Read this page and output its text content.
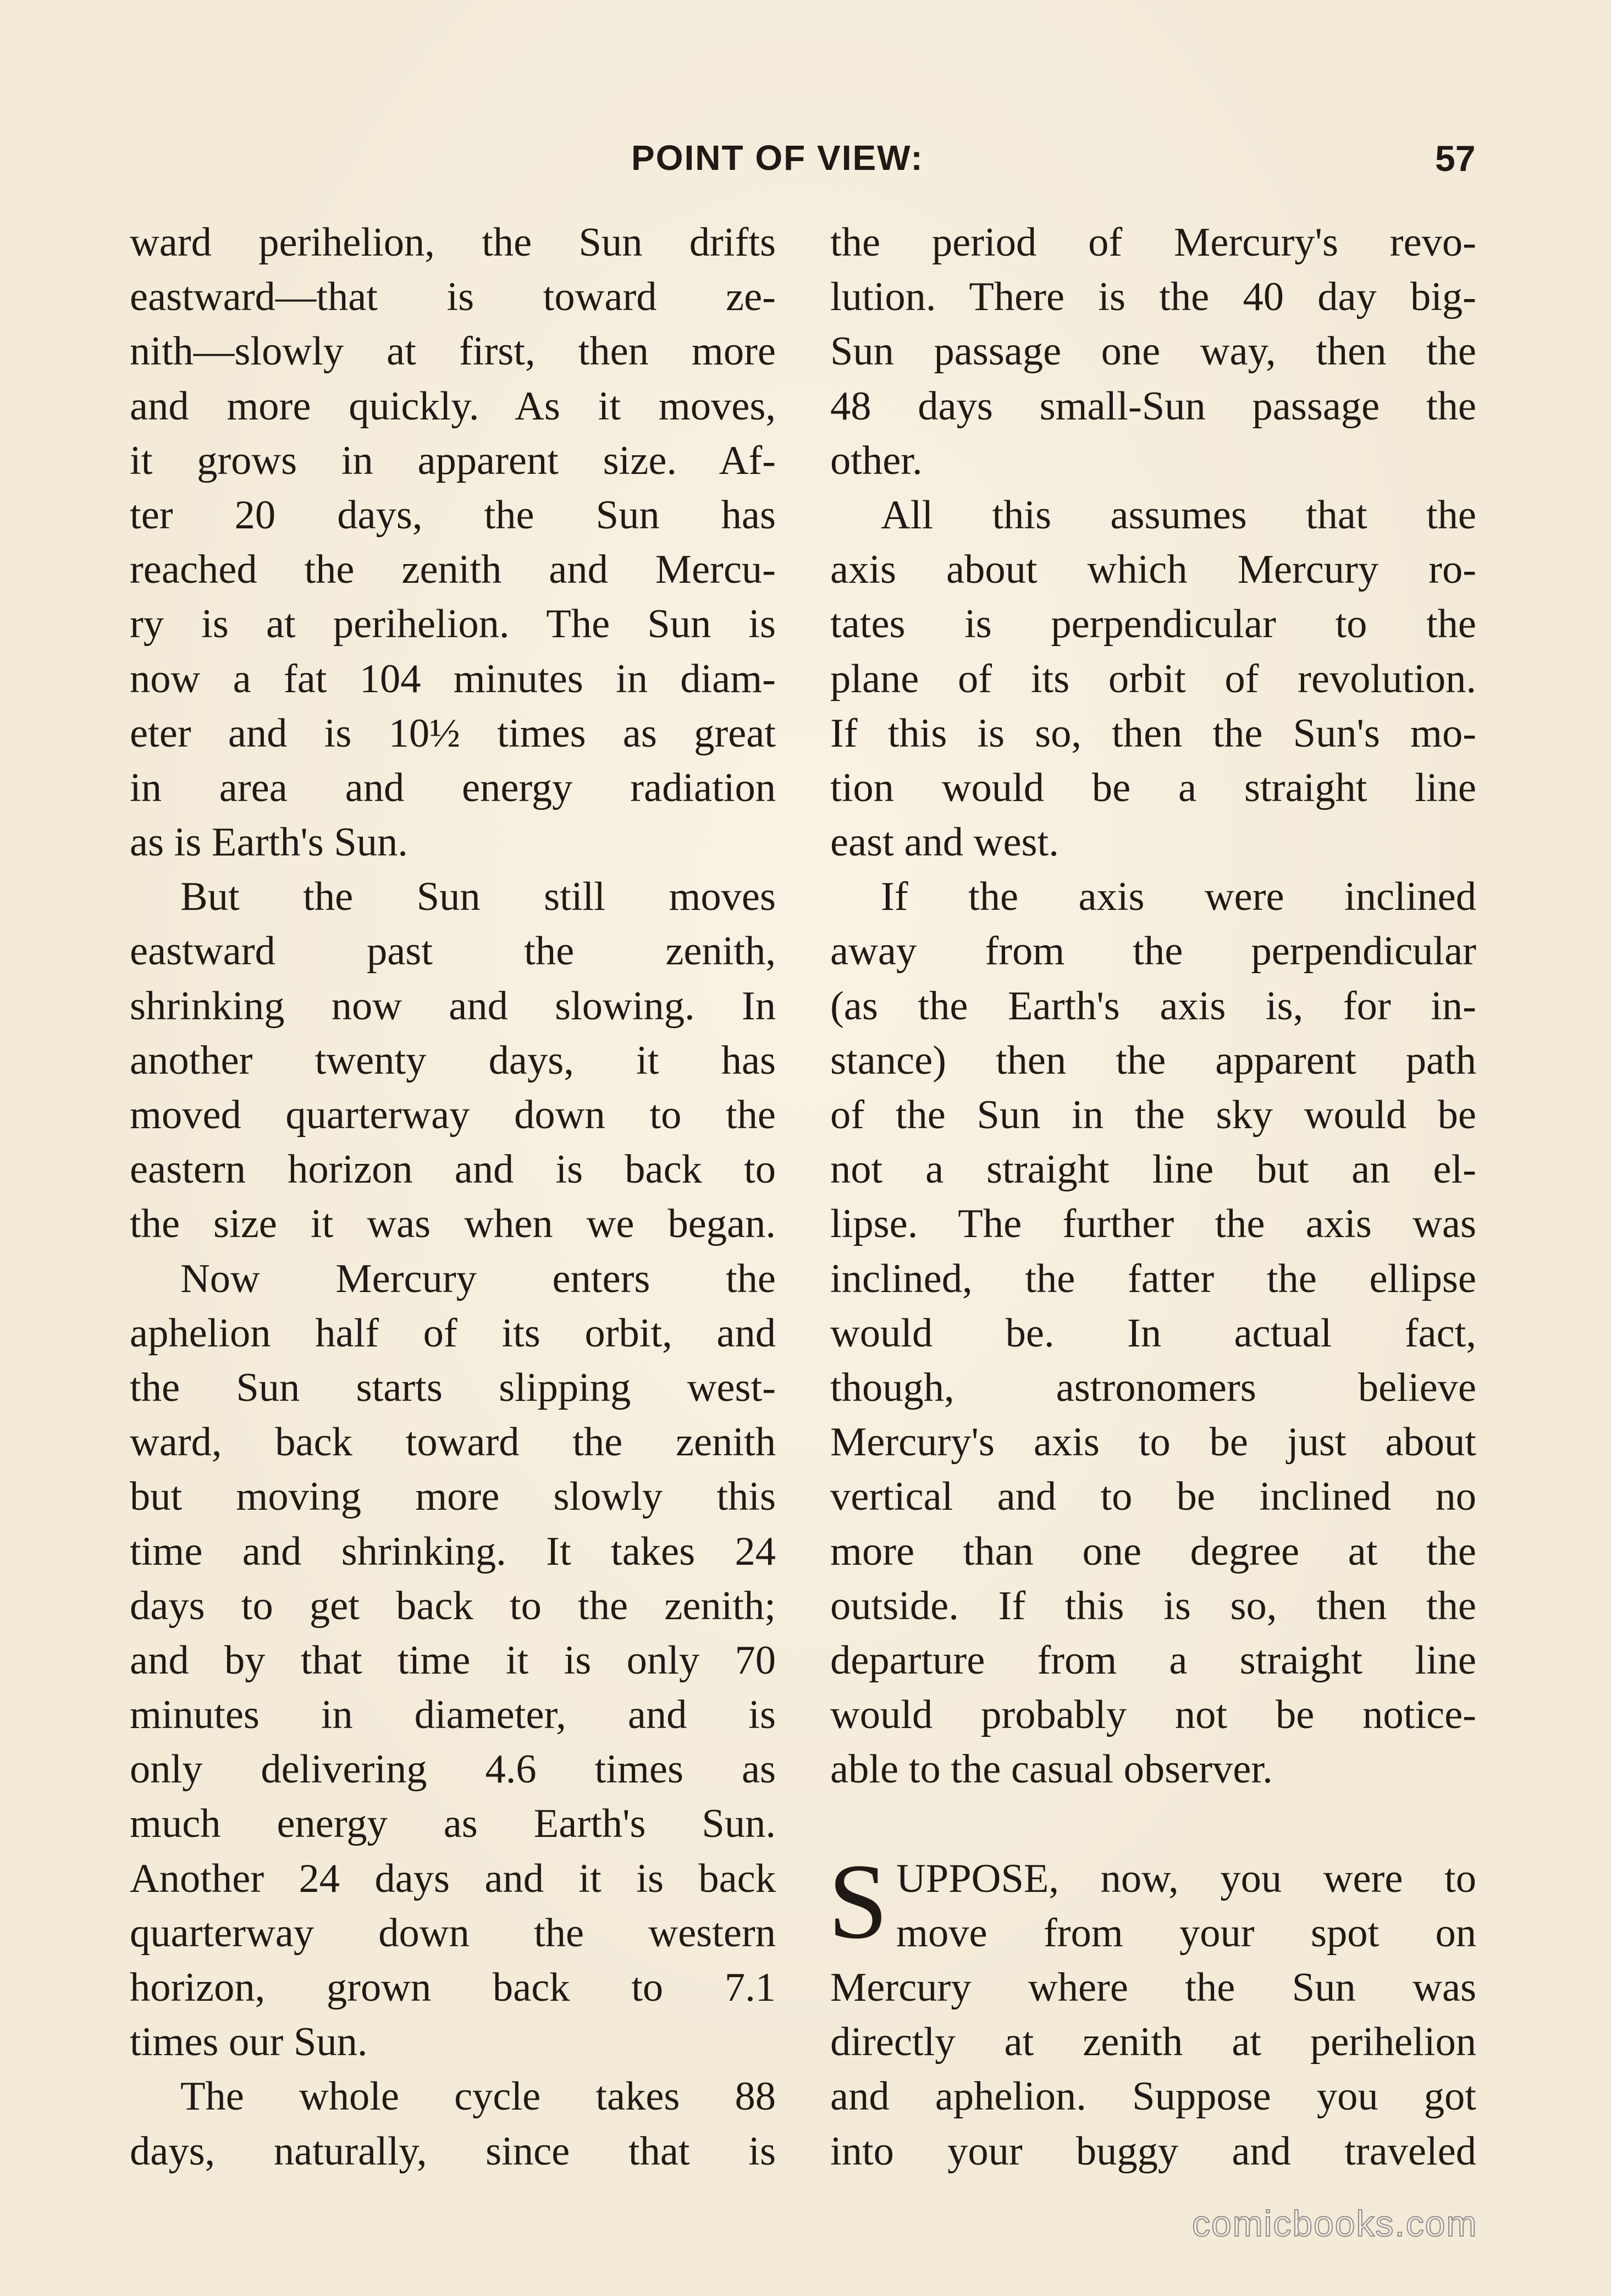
POINT OF VIEW:	57
ward perihelion, the Sun drifts
eastward—that is toward ze-
nith—slowly at first, then more
and more quickly. As it moves,
it grows in apparent size. Af-
ter 20 days, the Sun has
reached the zenith and Mercu-
ry is at perihelion. The Sun is
now a fat 104 minutes in diam-
eter and is 10½ times as great
in area and energy radiation
as is Earth's Sun.
But the Sun still moves
eastward past the zenith,
shrinking now and slowing. In
another twenty days, it has
moved quarterway down to the
eastern horizon and is back to
the size it was when we began.
Now Mercury enters the
aphelion half of its orbit, and
the Sun starts slipping west-
ward, back toward the zenith
but moving more slowly this
time and shrinking. It takes 24
days to get back to the zenith;
and by that time it is only 70
minutes in diameter, and is
only delivering 4.6 times as
much energy as Earth's Sun.
Another 24 days and it is back
quarterway down the western
horizon, grown back to 7.1
times our Sun.
The whole cycle takes 88
days, naturally, since that is
the period of Mercury's revo-
lution. There is the 40 day big-
Sun passage one way, then the
48 days small-Sun passage the
other.
All this assumes that the
axis about which Mercury ro-
tates is perpendicular to the
plane of its orbit of revolution.
If this is so, then the Sun's mo-
tion would be a straight line
east and west.
If the axis were inclined
away from the perpendicular
(as the Earth's axis is, for in-
stance) then the apparent path
of the Sun in the sky would be
not a straight line but an el-
lipse. The further the axis was
inclined, the fatter the ellipse
would be. In actual fact,
though, astronomers believe
Mercury's axis to be just about
vertical and to be inclined no
more than one degree at the
outside. If this is so, then the
departure from a straight line
would probably not be notice-
able to the casual observer.
S UPPOSE, now, you were to
move from your spot on
Mercury where the Sun was
directly at zenith at perihelion
and aphelion. Suppose you got
into your buggy and traveled
comicbooks.com
